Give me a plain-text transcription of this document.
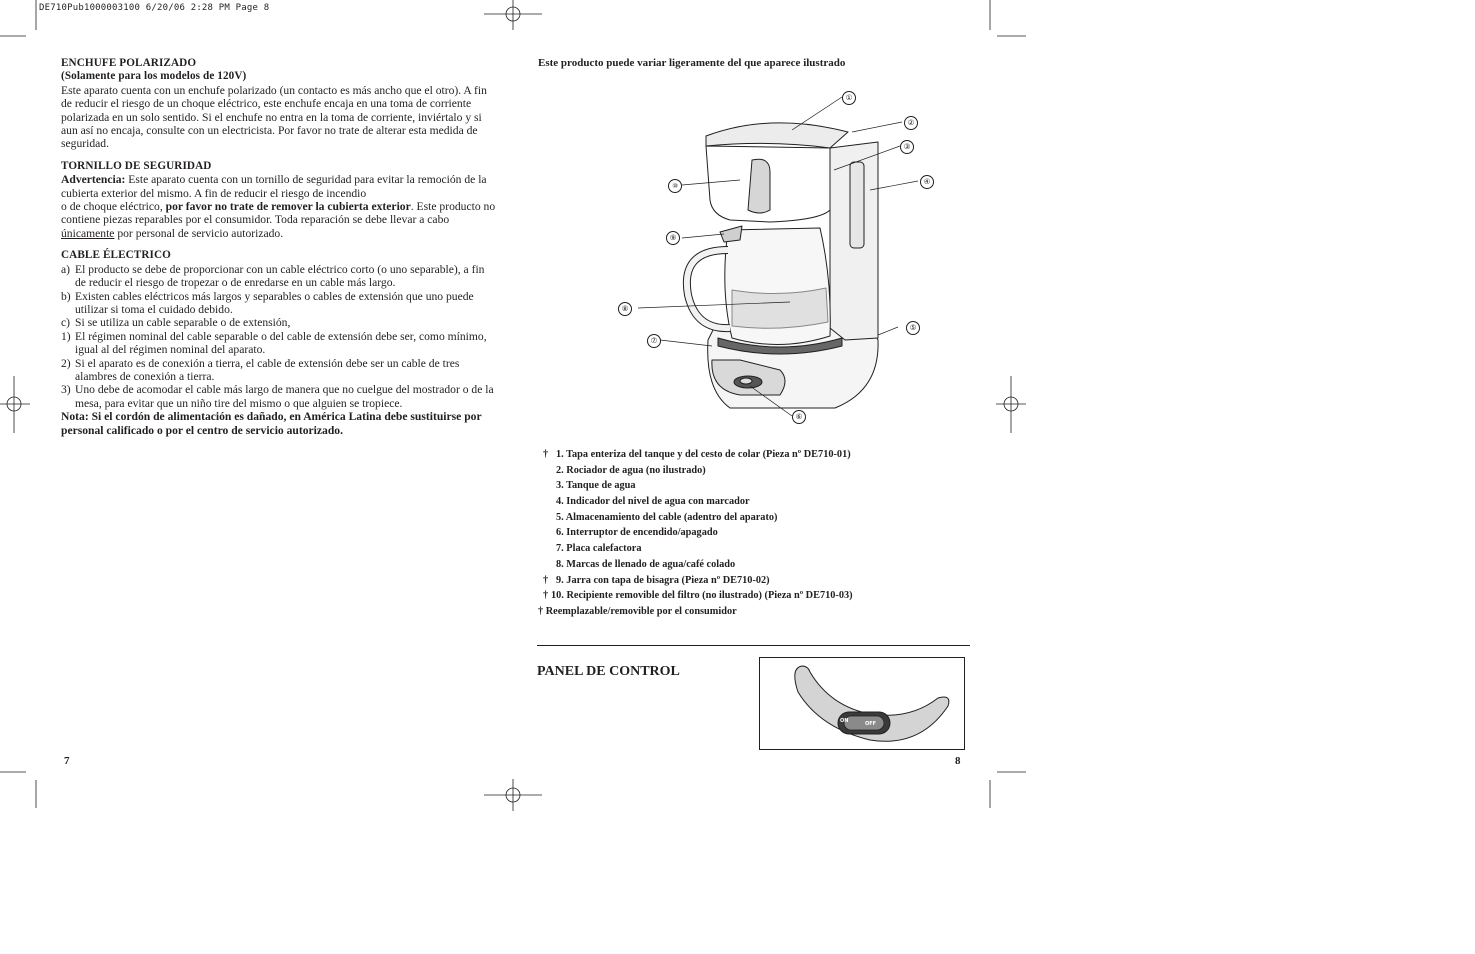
DE710Pub1000003100 6/20/06 2:28 PM Page 8
ENCHUFE POLARIZADO
(Solamente para los modelos de 120V)

Este aparato cuenta con un enchufe polarizado (un contacto es más ancho que el otro). A fin de reducir el riesgo de un choque eléctrico, este enchufe encaja en una toma de corriente polarizada en un solo sentido. Si el enchufe no entra en la toma de corriente, inviértalo y si aun así no encaja, consulte con un electricista. Por favor no trate de alterar esta medida de seguridad.

TORNILLO DE SEGURIDAD

Advertencia: Este aparato cuenta con un tornillo de seguridad para evitar la remoción de la cubierta exterior del mismo. A fin de reducir el riesgo de incendio
o de choque eléctrico, por favor no trate de remover la cubierta exterior. Este producto no contiene piezas reparables por el consumidor. Toda reparación se debe llevar a cabo únicamente por personal de servicio autorizado.

CABLE ÉLECTRICO
a) El producto se debe de proporcionar con un cable eléctrico corto (o uno separable), a fin de reducir el riesgo de tropezar o de enredarse en un cable más largo.
b) Existen cables eléctricos más largos y separables o cables de extensión que uno puede utilizar si toma el cuidado debido.
c) Si se utiliza un cable separable o de extensión,
1) El régimen nominal del cable separable o del cable de extensión debe ser, como mínimo, igual al del régimen nominal del aparato.
2) Si el aparato es de conexión a tierra, el cable de extensión debe ser un cable de tres alambres de conexión a tierra.
3) Uno debe de acomodar el cable más largo de manera que no cuelgue del mostrador o de la mesa, para evitar que un niño tire del mismo o que alguien se tropiece.

Nota: Si el cordón de alimentación es dañado, en América Latina debe sustituirse por personal calificado o por el centro de servicio autorizado.

7
Este producto puede variar ligeramente del que aparece ilustrado
①
②
③
④
⑤
⑥
⑦
⑧
⑨
⑩
† 1. Tapa enteriza del tanque y del cesto de colar (Pieza nº DE710-01)
2. Rociador de agua (no ilustrado)
3. Tanque de agua
4. Indicador del nivel de agua con marcador
5. Almacenamiento del cable (adentro del aparato)
6. Interruptor de encendido/apagado
7. Placa calefactora
8. Marcas de llenado de agua/café colado
† 9. Jarra con tapa de bisagra (Pieza nº DE710-02)
† 10. Recipiente removible del filtro (no ilustrado) (Pieza nº DE710-03)
† Reemplazable/removible por el consumidor
PANEL DE CONTROL
ON	OFF
8
